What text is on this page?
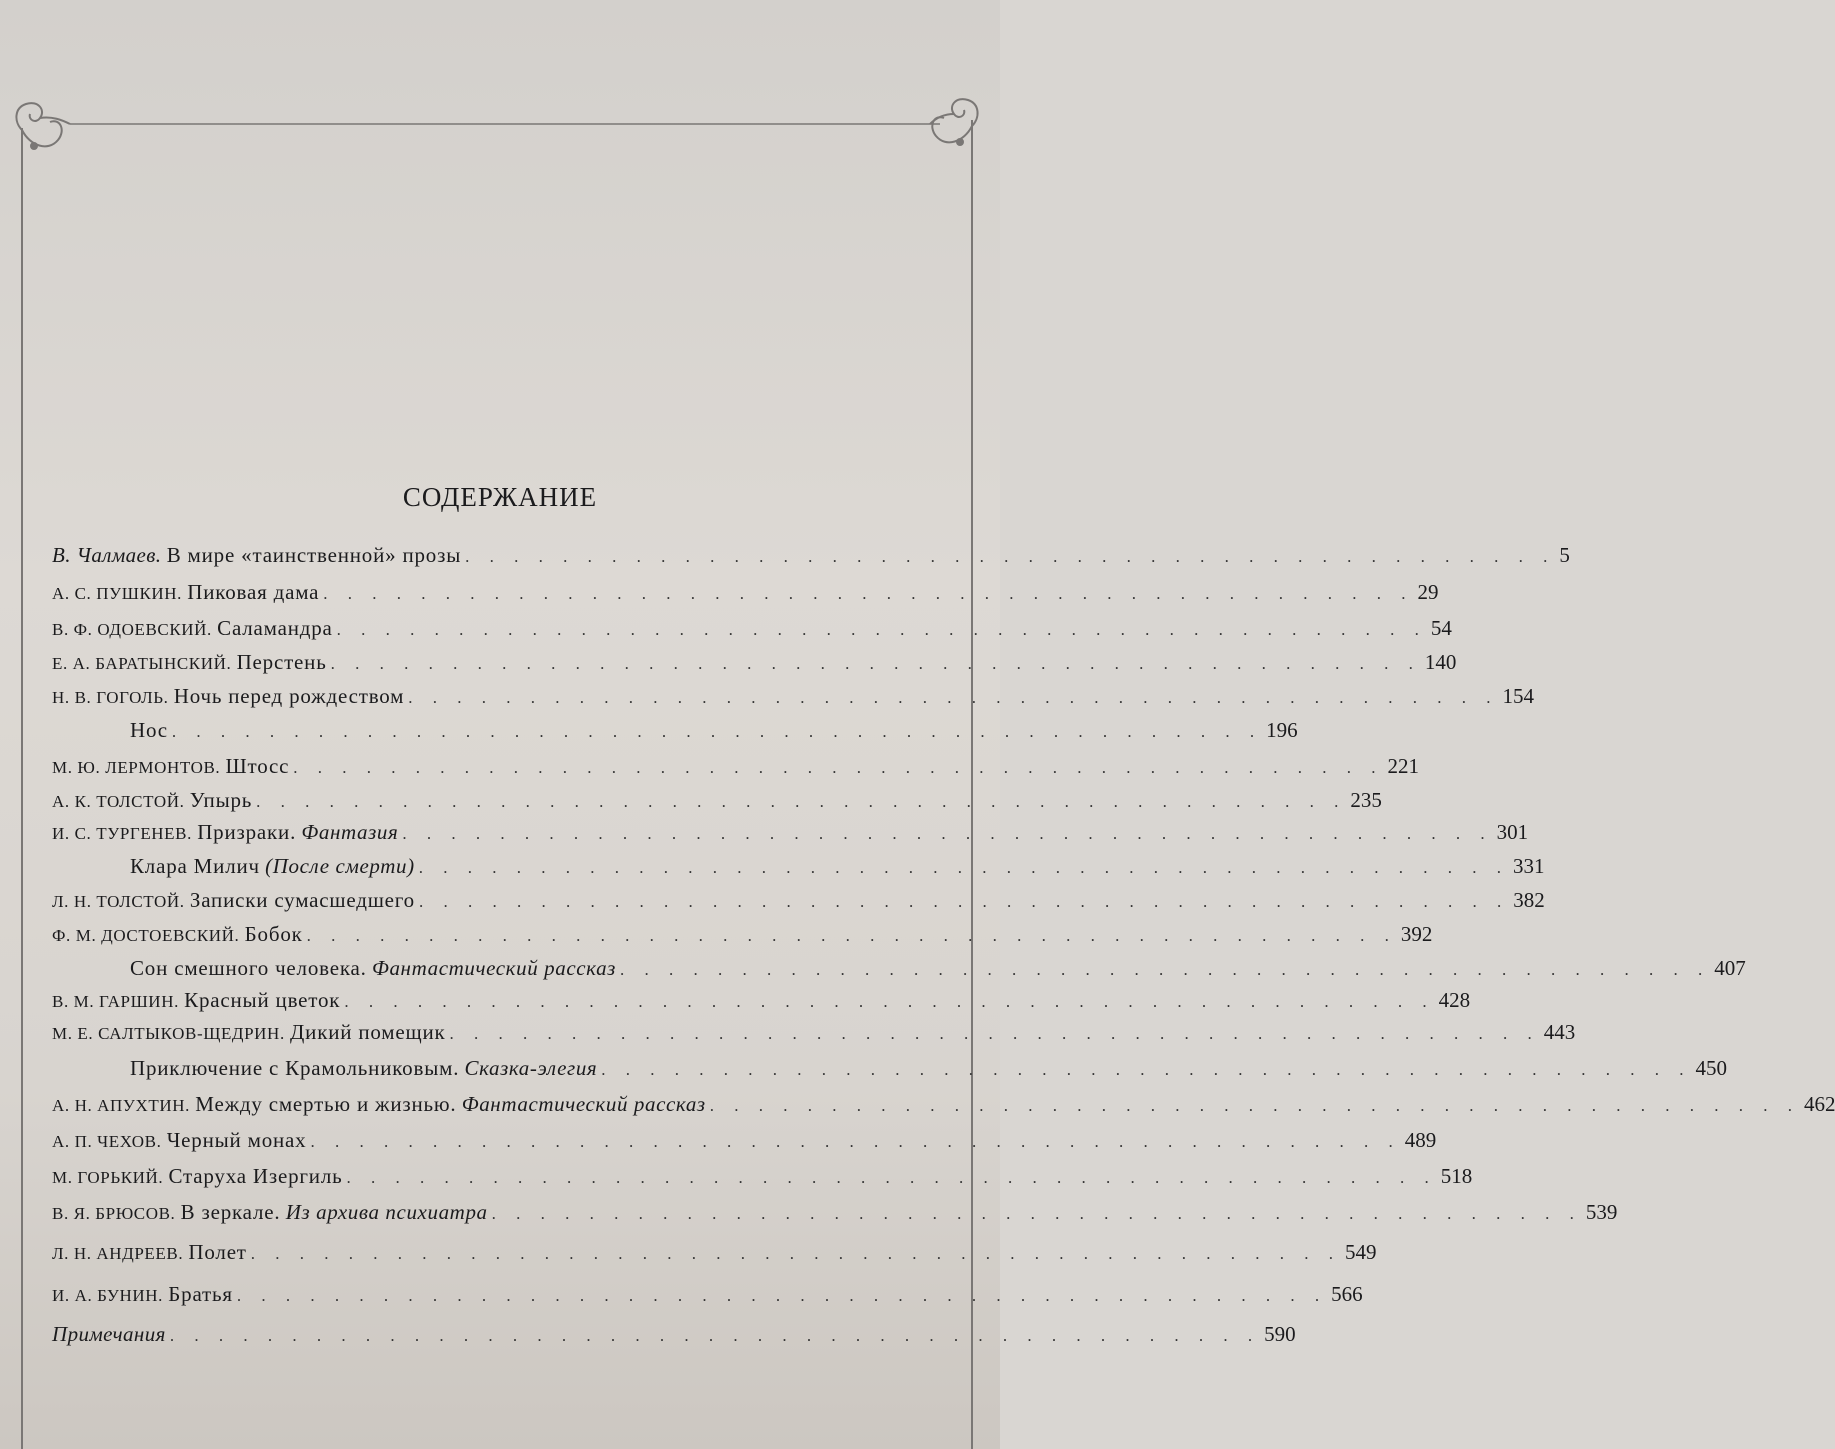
СОДЕРЖАНИЕ
В. Чалмаев.
В мире «таинственной» прозы . . . . . . . . . . . . . . . . . . . . . . . . . . . . . . . . . . . . . . . . . . . . . 5
А. С. ПУШКИН.
Пиковая дама . . . . . . . . . . . . . . . . . . . . . . . . . . . . . . . . . . . . . . . . . . . . . 29
В. Ф. ОДОЕВСКИЙ.
Саламандра . . . . . . . . . . . . . . . . . . . . . . . . . . . . . . . . . . . . . . . . . . . . . 54
Е. А. БАРАТЫНСКИЙ.
Перстень . . . . . . . . . . . . . . . . . . . . . . . . . . . . . . . . . . . . . . . . . . . . . 140
Н. В. ГОГОЛЬ.
Ночь перед рождеством . . . . . . . . . . . . . . . . . . . . . . . . . . . . . . . . . . . . . . . . . . . . . 154
Нос . . . . . . . . . . . . . . . . . . . . . . . . . . . . . . . . . . . . . . . . . . . . . 196
М. Ю. ЛЕРМОНТОВ.
Штосс . . . . . . . . . . . . . . . . . . . . . . . . . . . . . . . . . . . . . . . . . . . . . 221
А. К. ТОЛСТОЙ.
Упырь . . . . . . . . . . . . . . . . . . . . . . . . . . . . . . . . . . . . . . . . . . . . . 235
И. С. ТУРГЕНЕВ.
Призраки.
Фантазия . . . . . . . . . . . . . . . . . . . . . . . . . . . . . . . . . . . . . . . . . . . . . 301
Клара Милич
(После смерти) . . . . . . . . . . . . . . . . . . . . . . . . . . . . . . . . . . . . . . . . . . . . . 331
Л. Н. ТОЛСТОЙ.
Записки сумасшедшего . . . . . . . . . . . . . . . . . . . . . . . . . . . . . . . . . . . . . . . . . . . . . 382
Ф. М. ДОСТОЕВСКИЙ.
Бобок . . . . . . . . . . . . . . . . . . . . . . . . . . . . . . . . . . . . . . . . . . . . . 392
Сон смешного человека.
Фантастический рассказ . . . . . . . . . . . . . . . . . . . . . . . . . . . . . . . . . . . . . . . . . . . . . 407
В. М. ГАРШИН.
Красный цветок . . . . . . . . . . . . . . . . . . . . . . . . . . . . . . . . . . . . . . . . . . . . . 428
М. Е. САЛТЫКОВ-ЩЕДРИН.
Дикий помещик . . . . . . . . . . . . . . . . . . . . . . . . . . . . . . . . . . . . . . . . . . . . . 443
Приключение с Крамольниковым.
Сказка-элегия . . . . . . . . . . . . . . . . . . . . . . . . . . . . . . . . . . . . . . . . . . . . . 450
А. Н. АПУХТИН.
Между смертью и жизнью.
Фантастический рассказ . . . . . . . . . . . . . . . . . . . . . . . . . . . . . . . . . . . . . . . . . . . . . 462
А. П. ЧЕХОВ.
Черный монах . . . . . . . . . . . . . . . . . . . . . . . . . . . . . . . . . . . . . . . . . . . . . 489
М. ГОРЬКИЙ.
Старуха Изергиль . . . . . . . . . . . . . . . . . . . . . . . . . . . . . . . . . . . . . . . . . . . . . 518
В. Я. БРЮСОВ.
В зеркале.
Из архива психиатра . . . . . . . . . . . . . . . . . . . . . . . . . . . . . . . . . . . . . . . . . . . . . 539
Л. Н. АНДРЕЕВ.
Полет . . . . . . . . . . . . . . . . . . . . . . . . . . . . . . . . . . . . . . . . . . . . . 549
И. А. БУНИН.
Братья . . . . . . . . . . . . . . . . . . . . . . . . . . . . . . . . . . . . . . . . . . . . . 566
Примечания . . . . . . . . . . . . . . . . . . . . . . . . . . . . . . . . . . . . . . . . . . . . . 590
